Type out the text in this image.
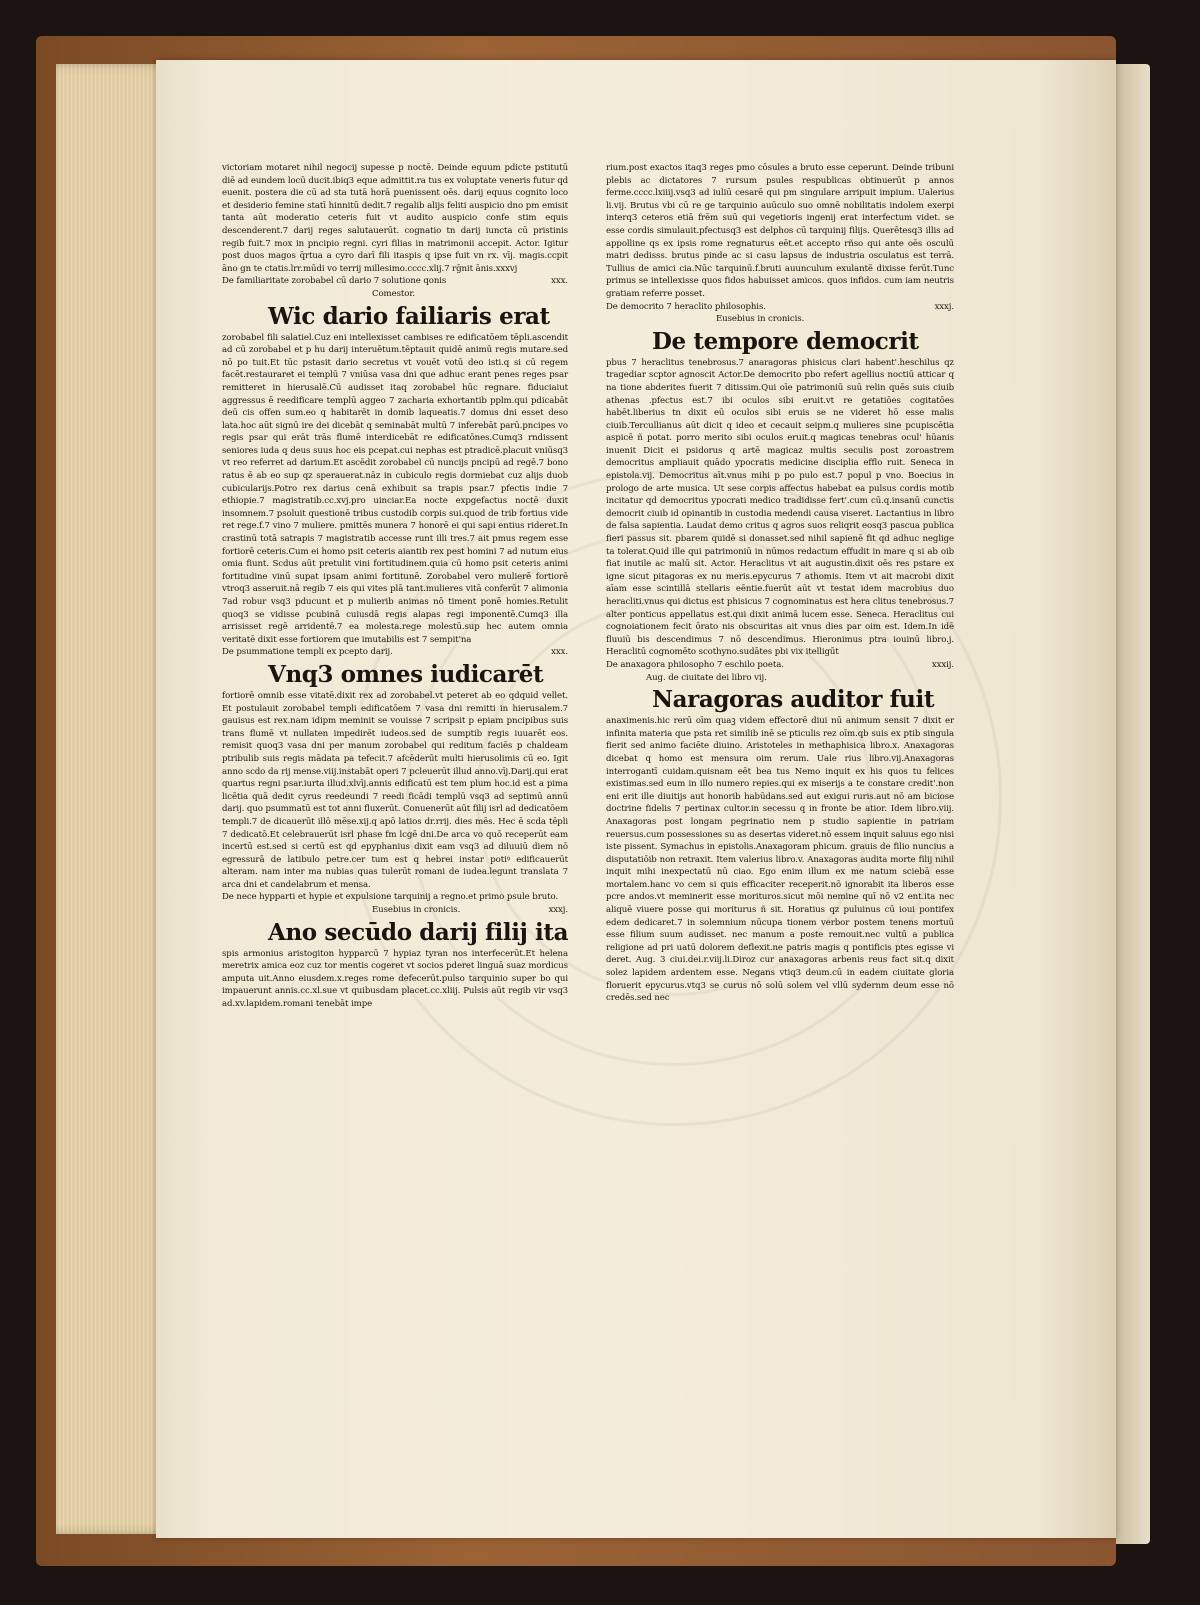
victoriam motaret nihil negocij supesse p noctē. Deinde equum pdicte pstitutū diē ad eundem locū ducit.ibiq3 eque admittit.ra tus ex voluptate veneris futur qd euenit. postera die cū ad sta tutā horā puenissent oēs. darij equus cognito loco et desiderio femine statī hinnitū dedit.7 regalib alijs feliti auspicio dno pm emisit tanta aūt moderatio ceteris fuit vt audito auspicio confe stim equis descenderent.7 darij reges salutauerūt. cognatio tn darij iuncta cū pristinis regib fuit.7 mox in pncipio regni. cyri filias in matrimonii accepit. Actor. Igitur post duos magos q̄rtua a cyro darī fili itaspis q ipse fuit vn rx. vīj. magis.ccpit āno gn te ctatis.lrr.mūdi vo terrij millesimo.cccc.xlij.7 rḡnit ānis.xxxvj

De familiaritate zorobabel cū dario 7 solutione qonis	xxx.
Comestor.
Wic dario failiaris erat

zorobabel fili salatiel.Cuz eni intellexisset cambises re edificatōem tēpli.ascendit ad cū zorobabel et p hu darij interuētum.tēptauit quidē animū regis mutare.sed nō po tuit.Et tūc pstasit dario secretus vt vouēt votū deo isti.q si cū regem facēt.restauraret ei templū 7 vniūsa vasa dni que adhuc erant penes reges psar remitteret in hierusalē.Cū audisset itaq zorobabel hūc regnare. fiduciaiut aggressus ē reedificare templū aggeo 7 zacharia exhortantib pplm.qui pdicabāt deū cis offen sum.eo q habitarēt in domib laqueatis.7 domus dni esset deso lata.hoc aūt signū ire dei dicebāt q seminabāt multū 7 inferebāt parū.pncipes vo regis psar qui erāt trās flumē interdicebāt re edificatōnes.Cumq3 rndissent seniores iuda q deus suus hoc eis pcepat.cui nephas est ptradicē.placuit vniūsq3 vt reo referret ad darium.Et ascēdit zorobabel cū nuncijs pncipū ad regē.7 bono ratus ē ab eo sup qz sperauerat.nāz in cubiculo regis dormiebat cuz alijs duob cubicularijs.Potro rex darius cenā exhibuit sa trapis psar.7 pfectis indie 7 ethiopie.7 magistratib.cc.xvj.pro uinciar.Ea nocte expgefactus noctē duxit insomnem.7 psoluit questionē tribus custodib corpis sui.quod de trib fortius vide ret rege.f.7 vino 7 muliere. pmittēs munera 7 honorē ei qui sapi entius rideret.In crastinū totā satrapis 7 magistratib accesse runt illi tres.7 ait pmus regem esse fortiorē ceteris.Cum ei homo psit ceteris aiantib rex pest homini 7 ad nutum eius omia fiunt. Scdus aūt pretulit vini fortitudinem.quia cū homo psit ceteris animi fortitudine vinū supat ipsam animi fortitunē. Zorobabel vero mulierē fortiorē vtroq3 asseruit.nā regib 7 eis qui vites plā tant.mulieres vitā conferūt 7 alimonia 7ad robur vsq3 pducunt et p mulierib animas nō timent ponē homies.Retulit quoq3 se vidisse pcubinā cuiusdā regis alapas regi imponentē.Cumq3 illa arrisisset regē arridentē.7 ea molesta.rege molestū.sup hec autem omnia veritatē dixit esse fortiorem que imutabilis est 7 sempit'na

De psummatione templi ex pcepto darij.	xxx.
Vnq3 omnes iudicarēt

fortiorē omnib esse vitatē.dixit rex ad zorobabel.vt peteret ab eo qdquid vellet. Et postulauit zorobabel templi edificatōem 7 vasa dni remitti in hierusalem.7 gauisus est rex.nam idipm meminit se vouisse 7 scripsit p epiam pncipibus suis trans flumē vt nullaten impedirēt iudeos.sed de sumptib regis iuuarēt eos. remisit quoq3 vasa dni per manum zorobabel qui reditum faciēs p chaldeam ptribulib suis regis mādata pa tefecit.7 afcēderūt multi hierusolimis cū eo. Igit anno scdo da rij mense.viij.instabāt operi 7 pcleuerūt illud anno.vīj.Darij.qui erat quartus regni psar.iurta illud.xlvīj.annis edificatū est tem plum hoc.id est a pima licētia quā dedit cyrus reedeundi 7 reedi ficādi templū vsq3 ad septimū annū darij. quo psummatū est tot anni fluxerūt. Conuenerūt aūt filij isrl ad dedicatōem templi.7 de dicauerūt illō mēse.xij.q apō latios dr.rrij. dies mēs. Hec ē scda tēpli 7 dedicatō.Et celebrauerūt isrl phase fm lcgē dni.De arca vo quō receperūt eam incertū est.sed si certū est qd epyphanius dixit eam vsq3 ad diluuiū diem nō egressurā de latibulo petre.cer tum est q hebrei instar potiꝰ edificauerūt alteram. nam inter ma nubias quas tulerūt romani de iudea.legunt translata 7 arca dni et candelabrum et mensa.

De nece hypparti et hypie et expulsione tarquinij a regno.et primo psule bruto.
Eusebius in cronicis.	xxxj.
Ano secūdo darij filij ita

spis armonius aristogiton hypparcū 7 hypiaz tyran nos interfecerūt.Et helena meretrix amica eoz cuz tor mentis cogeret vt socios pderet linguā suaz mordicus amputa uit.Anno eiusdem.x.reges rome defecerūt.pulso tarquinio super bo qui impauerunt annis.cc.xl.sue vt quibusdam placet.cc.xliij. Pulsis aūt regib vir vsq3 ad.xv.lapidem.romani tenebāt impe

rium.post exactos itaq3 reges pmo cōsules a bruto esse ceperunt. Deinde tribuni plebis ac dictatores 7 rursum psules respublicas obtinuerūt p annos ferme.cccc.lxiiij.vsq3 ad iuliū cesarē qui pm singulare arripuit impium. Ualerius li.vij. Brutus vbi cū re ge tarquinio auūculo suo omnē nobilitatis indolem exerpi interq3 ceteros etiā frēm suū qui vegetioris ingenij erat interfectum videt. se esse cordis simulauit.pfectusq3 est delphos cū tarquinij filijs. Querētesq3 illis ad appolline qs ex ipsis rome regnaturus eēt.et accepto rñso qui ante oēs osculū matri dedisss. brutus pinde ac si casu lapsus de industria osculatus est terrā. Tullius de amici cia.Nūc tarquinū.f.bruti auunculum exulantē dixisse ferūt.Tunc primus se intellexisse quos fidos habuisset amicos. quos infidos. cum iam neutris gratiam referre posset.

De democrito 7 heraclito philosophis.	xxxj.
Eusebius in cronicis.
De tempore democrit

pbus 7 heraclitus tenebrosus.7 anaragoras phisicus clari habent'.heschilus qz tragediar scptor agnoscit Actor.De democrito pbo refert agellius noctiū atticar q na tione abderites fuerit 7 ditissim.Qui oīe patrimoniū suū relin quēs suis ciuib athenas .pfectus est.7 ibi oculos sibi eruit.vt re getatiōes cogitatōes habēt.liberius tn dixit eū oculos sibi eruis se ne videret hō esse malis ciuib.Tercullianus aūt dicit q ideo et cecauit seipm.q mulieres sine pcupiscētia aspicē ñ potat. porro merito sibi oculos eruit.q magicas tenebras ocul' hūanis inuenit Dicit ei psidorus q artē magicaz multis seculis post zoroastrem democritus ampliauit quādo ypocratis medicine disciplia efflo ruit. Seneca in epistola.vij. Democritus aīt.vnus mihi p po pulo est.7 popul p vno. Boecius in prologo de arte musica. Ut sese corpis affectus habebat ea pulsus cordis motib incitatur qd democritus ypocrati medico tradidisse fert'.cum cū.q.insanū cunctis democrit ciuib id opinantib in custodia medendi causa viseret. Lactantius in libro de falsa sapientia. Laudat demo critus q agros suos reliqrit eosq3 pascua publica fieri passus sit. pbarem quidē si donasset.sed nihil sapienē fit qd adhuc neglige ta tolerat.Quid ille qui patrimoniū in nūmos redactum effudit in mare q si ab oib fiat inutile ac malū sit. Actor. Heraclitus vt ait augustin.dixit oēs res pstare ex igne sicut pitagoras ex nu meris.epycurus 7 athomis. Item vt ait macrobi dixit aīam esse scintillā stellaris eēntie.fuerūt aūt vt testat idem macrobius duo heracliti.vnus qui dictus est phisicus 7 cognominatus est hera clitus tenebrosus.7 alter ponticus appellatus est.qui dixit animā lucem esse. Seneca. Heraclitus cui cognoiationem fecit ōrato nis obscuritas ait vnus dies par oim est. Idem.In idē fluuiū bis descendimus 7 nō descendimus. Hieronimus ptra iouinū libro.j. Heraclitū cognomēto scothyno.sudātes pbi vix itelligūt

De anaxagora philosopho 7 eschilo poeta.	xxxij.
Aug. de ciuitate dei libro vij.
Naragoras auditor fuit

anaximenis.hic rerū oīm quaꝫ videm effectorē diui nū animum sensit 7 dixit er infinita materia que psta ret similib inē se pticulis rez oīm.qb suis ex ptib singula fierit sed animo faciēte diuino. Aristoteles in methaphisica libro.x. Anaxagoras dicebat q homo est mensura oim rerum. Uale rius libro.vij.Anaxagoras interrogantī cuidam.quisnam eēt bea tus Nemo inquit ex his quos tu felices existimas.sed eum in illo numero repies.qui ex miserijs a te constare credit'.non eni erit ille diuitijs aut honorib habūdans.sed aut exigui ruris.aut nō am biciose doctrine fidelis 7 pertinax cultor.in secessu q in fronte be atior. Idem libro.viij. Anaxagoras post longam pegrinatio nem p studio sapientie in patriam reuersus.cum possessiones su as desertas videret.nō essem inquit saluus ego nisi iste pissent. Symachus in epistolis.Anaxagoram phicum. grauis de filio nuncius a disputatiōib non retraxit. Item valerius libro.v. Anaxagoras audita morte filij nihil inquit mihi inexpectatū nū ciao. Ego enim illum ex me natum sciebā esse mortalem.hanc vo cem si quis efficaciter receperit.nō ignorabit ita liberos esse pcre andos.vt meminerit esse morituros.sicut mōi nemine quī nō v2 ent.ita nec aliquē viuere posse qui moriturus ñ sit. Horatius qz puluinus cū ioui pontifex edem dedicaret.7 in solemnium nūcupa tionem verbor postem tenens mortuū esse filium suum audisset. nec manum a poste remouit.nec vultū a publica religione ad pri uatū dolorem deflexit.ne patris magis q pontificis ptes egisse vi deret. Aug. 3 ciui.dei.r.viij.li.Diroz cur anaxagoras arbenis reus fact sit.q dixit solez lapidem ardentem esse. Negans vtiq3 deum.cū in eadem ciuitate gloria floruerit epycurus.vtq3 se curus nō solū solem vel vllū sydernm deum esse nō credēs.sed nec
